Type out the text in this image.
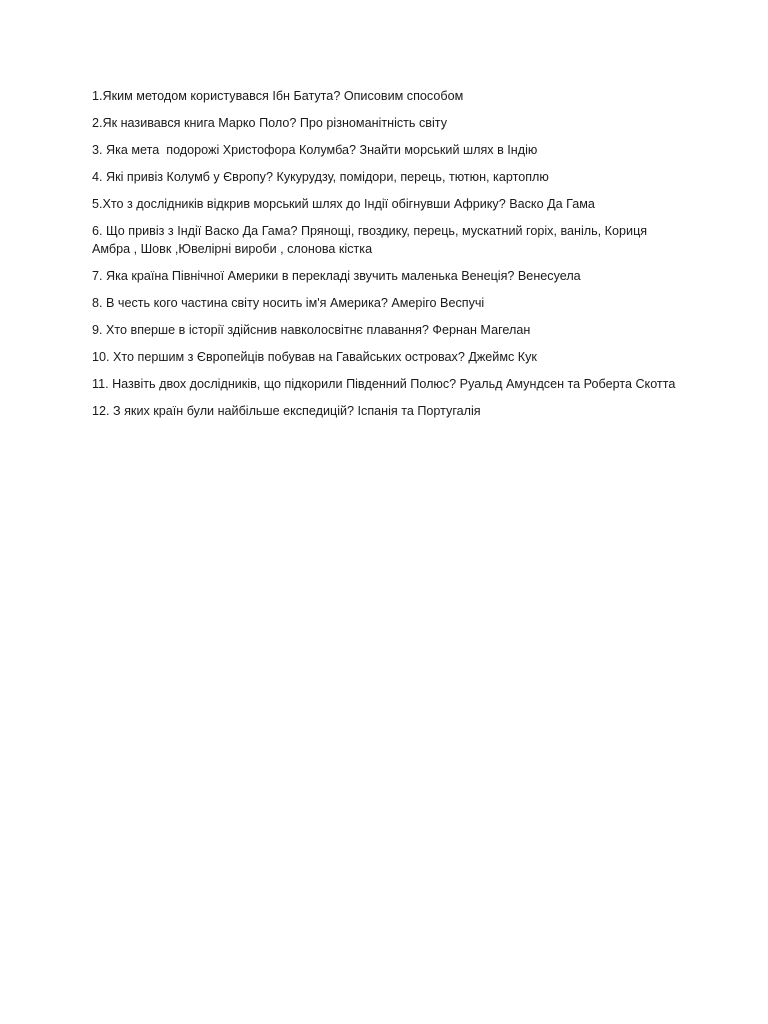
1.Яким методом користувався Ібн Батута? Описовим способом
2.Як називався книга Марко Поло? Про різноманітність світу
3. Яка мета  подорожі Христофора Колумба? Знайти морський шлях в Індію
4. Які привіз Колумб у Європу? Кукурудзу, помідори, перець, тютюн, картоплю
5.Хто з дослідників відкрив морський шлях до Індії обігнувши Африку? Васко Да Гама
6. Що привіз з Індії Васко Да Гама? Прянощі, гвоздику, перець, мускатний горіх, ваніль, Кориця Амбра , Шовк ,Ювелірні вироби , слонова кістка
7. Яка країна Північної Америки в перекладі звучить маленька Венеція? Венесуела
8. В честь кого частина світу носить ім'я Америка? Амеріго Веспучі
9. Хто вперше в історії здійснив навколосвітнє плавання? Фернан Магелан
10. Хто першим з Європейців побував на Гавайських островах? Джеймс Кук
11. Назвіть двох дослідників, що підкорили Південний Полюс? Руальд Амундсен та Роберта Скотта
12. З яких країн були найбільше експедицій? Іспанія та Португалія
